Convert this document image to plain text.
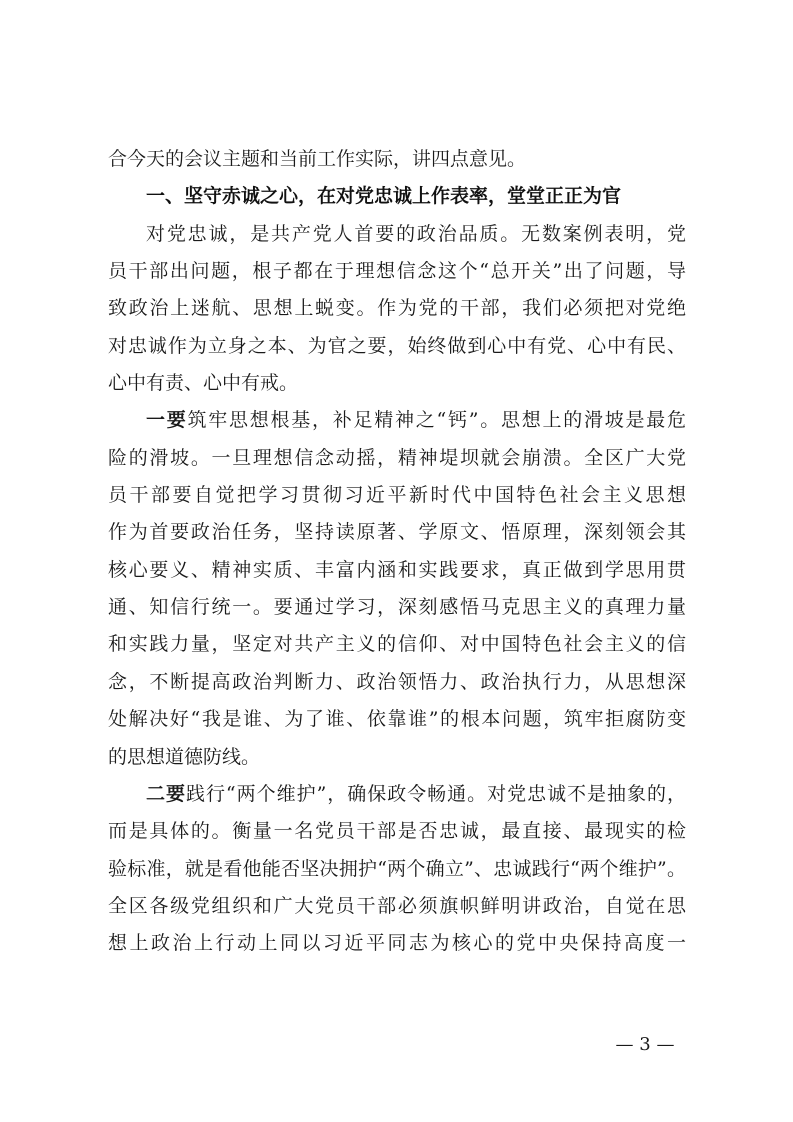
合今天的会议主题和当前工作实际，讲四点意见。
一、坚守赤诚之心，在对党忠诚上作表率，堂堂正正为官
对党忠诚，是共产党人首要的政治品质。无数案例表明，党
员干部出问题，根子都在于理想信念这个“总开关”出了问题，导
致政治上迷航、思想上蜕变。作为党的干部，我们必须把对党绝
对忠诚作为立身之本、为官之要，始终做到心中有党、心中有民、
心中有责、心中有戒。
一要筑牢思想根基，补足精神之“钙”。思想上的滑坡是最危
险的滑坡。一旦理想信念动摇，精神堤坝就会崩溃。全区广大党
员干部要自觉把学习贯彻习近平新时代中国特色社会主义思想
作为首要政治任务，坚持读原著、学原文、悟原理，深刻领会其
核心要义、精神实质、丰富内涵和实践要求，真正做到学思用贯
通、知信行统一。要通过学习，深刻感悟马克思主义的真理力量
和实践力量，坚定对共产主义的信仰、对中国特色社会主义的信
念，不断提高政治判断力、政治领悟力、政治执行力，从思想深
处解决好“我是谁、为了谁、依靠谁”的根本问题，筑牢拒腐防变
的思想道德防线。
二要践行“两个维护”，确保政令畅通。对党忠诚不是抽象的，
而是具体的。衡量一名党员干部是否忠诚，最直接、最现实的检
验标准，就是看他能否坚决拥护“两个确立”、忠诚践行“两个维护”。
全区各级党组织和广大党员干部必须旗帜鲜明讲政治，自觉在思
想上政治上行动上同以习近平同志为核心的党中央保持高度一
— 3 —
